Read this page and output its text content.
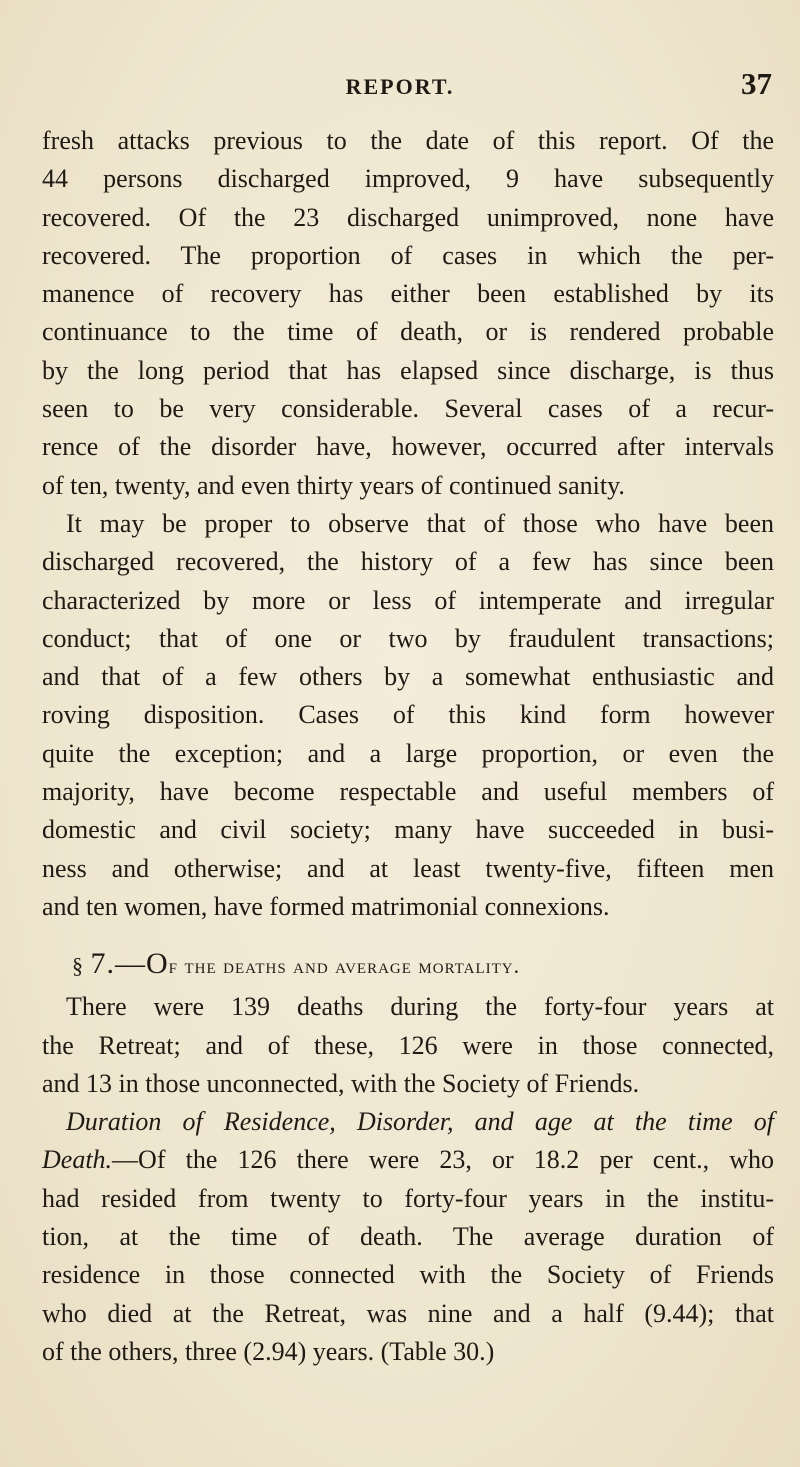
REPORT.	37
fresh attacks previous to the date of this report. Of the
44 persons discharged improved, 9 have subsequently
recovered. Of the 23 discharged unimproved, none have
recovered. The proportion of cases in which the per-
manence of recovery has either been established by its
continuance to the time of death, or is rendered probable
by the long period that has elapsed since discharge, is thus
seen to be very considerable. Several cases of a recur-
rence of the disorder have, however, occurred after intervals
of ten, twenty, and even thirty years of continued sanity.
It may be proper to observe that of those who have been
discharged recovered, the history of a few has since been
characterized by more or less of intemperate and irregular
conduct; that of one or two by fraudulent transactions;
and that of a few others by a somewhat enthusiastic and
roving disposition. Cases of this kind form however
quite the exception; and a large proportion, or even the
majority, have become respectable and useful members of
domestic and civil society; many have succeeded in busi-
ness and otherwise; and at least twenty-five, fifteen men
and ten women, have formed matrimonial connexions.
§ 7.—Of the deaths and average mortality.
There were 139 deaths during the forty-four years at
the Retreat; and of these, 126 were in those connected,
and 13 in those unconnected, with the Society of Friends.
Duration of Residence, Disorder, and age at the time of
Death.—Of the 126 there were 23, or 18.2 per cent., who
had resided from twenty to forty-four years in the institu-
tion, at the time of death. The average duration of
residence in those connected with the Society of Friends
who died at the Retreat, was nine and a half (9.44); that
of the others, three (2.94) years. (Table 30.)
